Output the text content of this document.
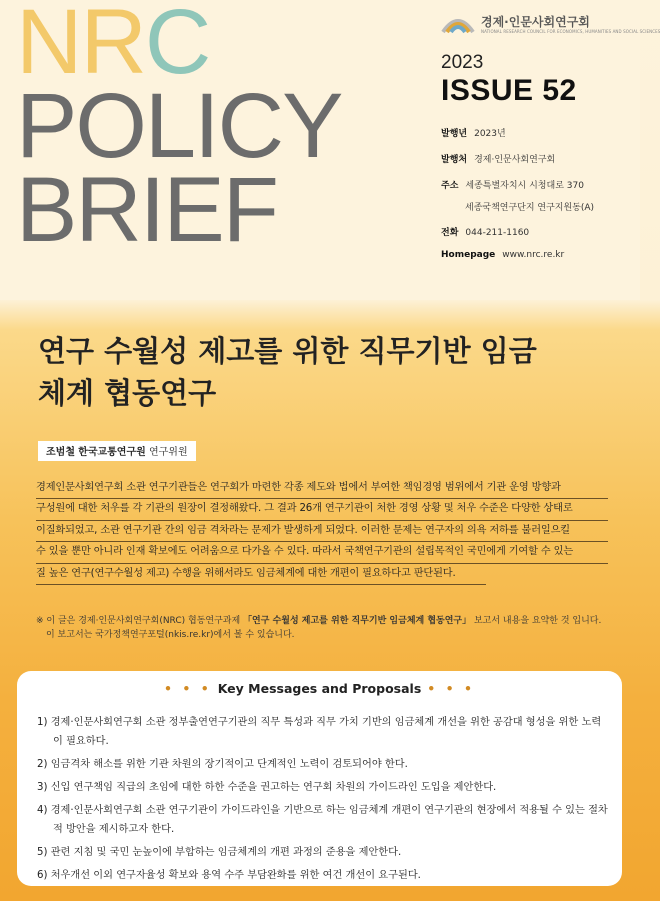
NRC
POLICY
BRIEF
경제·인문사회연구회
NATIONAL RESEARCH COUNCIL FOR ECONOMICS, HUMANITIES AND SOCIAL SCIENCES
2023
ISSUE 52
발행년 2023년
발행처 경제·인문사회연구회
주소 세종특별자치시 시청대로 370
세종국책연구단지 연구지원동(A)
전화 044-211-1160
Homepage www.nrc.re.kr
연구 수월성 제고를 위한 직무기반 임금
체계 협동연구
조범철 한국교통연구원 연구위원
경제인문사회연구회 소관 연구기관들은 연구회가 마련한 각종 제도와 법에서 부여한 책임경영 범위에서 기관 운영 방향과
구성원에 대한 처우를 각 기관의 원장이 결정해왔다. 그 결과 26개 연구기관이 처한 경영 상황 및 처우 수준은 다양한 상태로
이질화되었고, 소관 연구기관 간의 임금 격차라는 문제가 발생하게 되었다. 이러한 문제는 연구자의 의욕 저하를 불러일으킬
수 있을 뿐만 아니라 인재 확보에도 어려움으로 다가올 수 있다. 따라서 국책연구기관의 설립목적인 국민에게 기여할 수 있는
질 높은 연구(연구수월성 제고) 수행을 위해서라도 임금체계에 대한 개편이 필요하다고 판단된다.
※ 이 글은 경제·인문사회연구회(NRC) 협동연구과제 「연구 수월성 제고를 위한 직무기반 임금체계 협동연구」 보고서 내용을 요약한 것 입니다.
이 보고서는 국가정책연구포털(nkis.re.kr)에서 볼 수 있습니다.
• • • Key Messages and Proposals • • •
1) 경제·인문사회연구회 소관 정부출연연구기관의 직무 특성과 직무 가치 기반의 임금체계 개선을 위한 공감대 형성을 위한 노력이 필요하다.
2) 임금격차 해소를 위한 기관 차원의 장기적이고 단계적인 노력이 검토되어야 한다.
3) 신입 연구책임 직급의 초임에 대한 하한 수준을 권고하는 연구회 차원의 가이드라인 도입을 제안한다.
4) 경제·인문사회연구회 소관 연구기관이 가이드라인을 기반으로 하는 임금체계 개편이 연구기관의 현장에서 적용될 수 있는 절차적 방안을 제시하고자 한다.
5) 관련 지침 및 국민 눈높이에 부합하는 임금체계의 개편 과정의 준용을 제안한다.
6) 처우개선 이외 연구자율성 확보와 용역 수주 부담완화를 위한 여건 개선이 요구된다.
